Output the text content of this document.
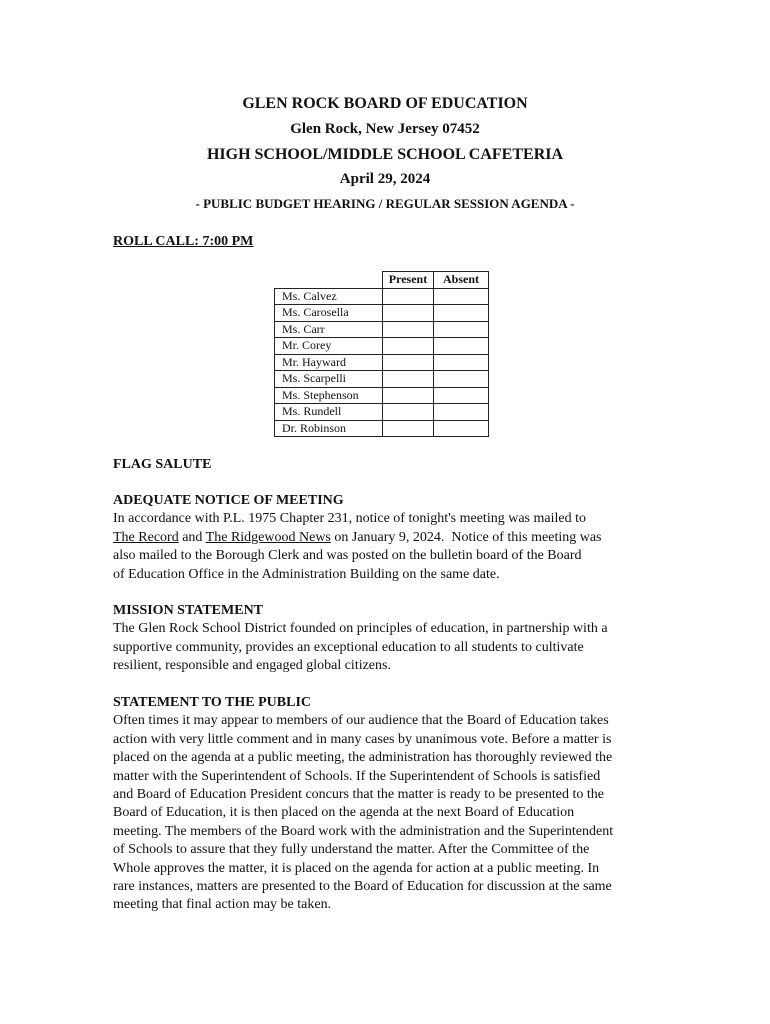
GLEN ROCK BOARD OF EDUCATION
Glen Rock, New Jersey 07452
HIGH SCHOOL/MIDDLE SCHOOL CAFETERIA
April 29, 2024
- PUBLIC BUDGET HEARING / REGULAR SESSION AGENDA -
ROLL CALL: 7:00 PM
	Present	Absent
Ms. Calvez		
Ms. Carosella		
Ms. Carr		
Mr. Corey		
Mr. Hayward		
Ms. Scarpelli		
Ms. Stephenson		
Ms. Rundell		
Dr. Robinson		
FLAG SALUTE
ADEQUATE NOTICE OF MEETING
In accordance with P.L. 1975 Chapter 231, notice of tonight's meeting was mailed to
The Record and The Ridgewood News on January 9, 2024.  Notice of this meeting was
also mailed to the Borough Clerk and was posted on the bulletin board of the Board
of Education Office in the Administration Building on the same date.
MISSION STATEMENT
The Glen Rock School District founded on principles of education, in partnership with a
supportive community, provides an exceptional education to all students to cultivate
resilient, responsible and engaged global citizens.
STATEMENT TO THE PUBLIC
Often times it may appear to members of our audience that the Board of Education takes
action with very little comment and in many cases by unanimous vote. Before a matter is
placed on the agenda at a public meeting, the administration has thoroughly reviewed the
matter with the Superintendent of Schools. If the Superintendent of Schools is satisfied
and Board of Education President concurs that the matter is ready to be presented to the
Board of Education, it is then placed on the agenda at the next Board of Education
meeting. The members of the Board work with the administration and the Superintendent
of Schools to assure that they fully understand the matter. After the Committee of the
Whole approves the matter, it is placed on the agenda for action at a public meeting. In
rare instances, matters are presented to the Board of Education for discussion at the same
meeting that final action may be taken.
